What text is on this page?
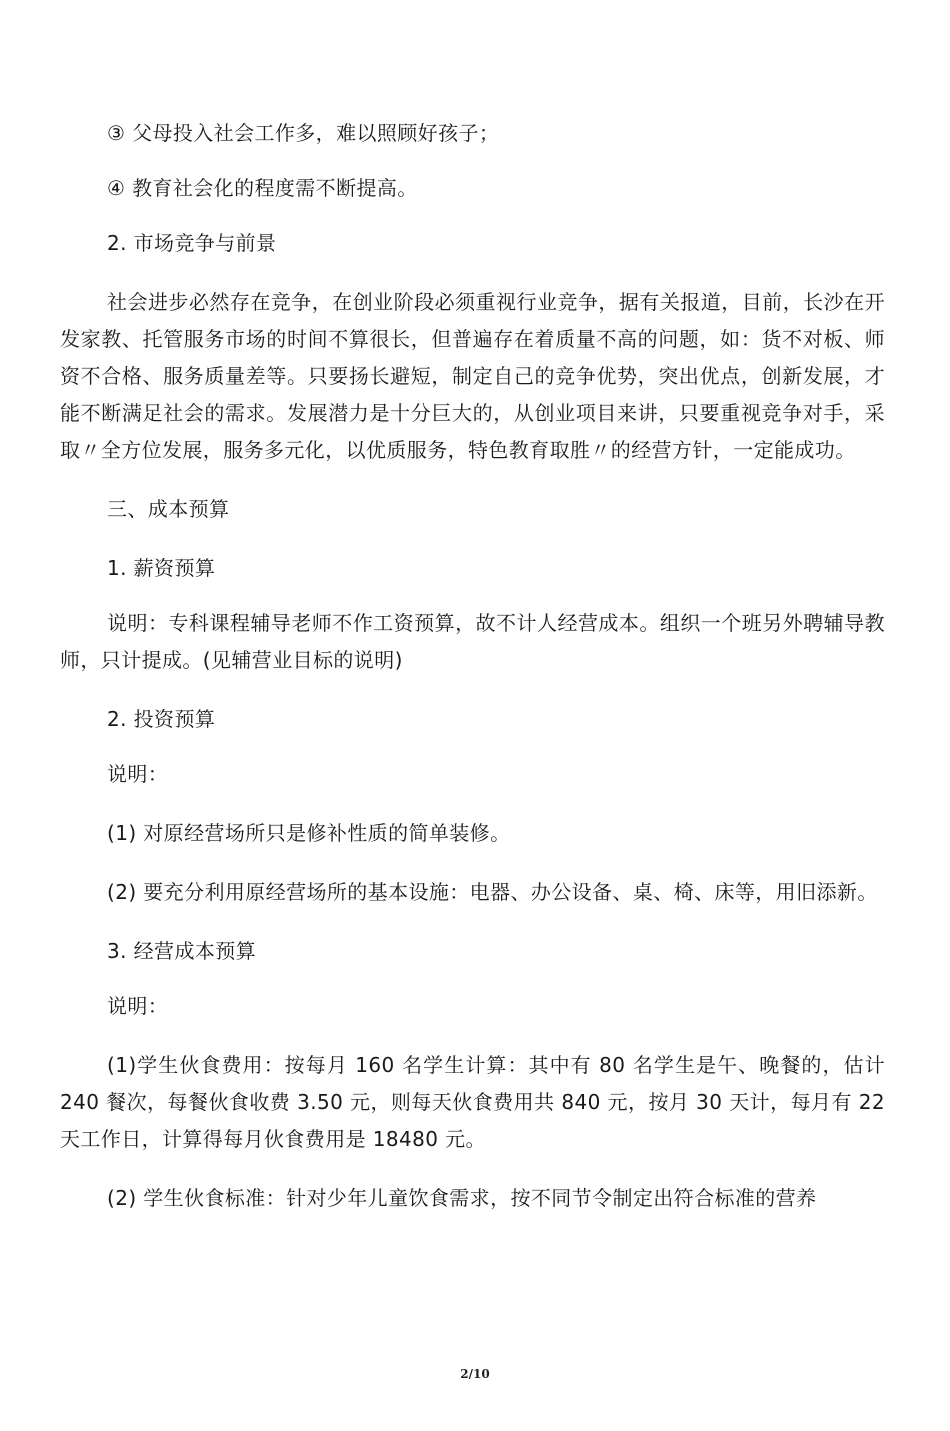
③ 父母投入社会工作多，难以照顾好孩子；

④ 教育社会化的程度需不断提高。

2. 市场竞争与前景

社会进步必然存在竞争，在创业阶段必须重视行业竞争，据有关报道，目前，长沙在开发家教、托管服务市场的时间不算很长，但普遍存在着质量不高的问题，如：货不对板、师资不合格、服务质量差等。只要扬长避短，制定自己的竞争优势，突出优点，创新发展，才能不断满足社会的需求。发展潜力是十分巨大的，从创业项目来讲，只要重视竞争对手，采取〃全方位发展，服务多元化，以优质服务，特色教育取胜〃的经营方针，一定能成功。

三、成本预算

1. 薪资预算

说明：专科课程辅导老师不作工资预算，故不计人经营成本。组织一个班另外聘辅导教师，只计提成。(见辅营业目标的说明)

2. 投资预算

说明：

(1) 对原经营场所只是修补性质的简单装修。

(2) 要充分利用原经营场所的基本设施：电器、办公设备、桌、椅、床等，用旧添新。

3. 经营成本预算

说明：

(1)学生伙食费用：按每月 160 名学生计算：其中有 80 名学生是午、晚餐的，估计 240 餐次，每餐伙食收费 3.50 元，则每天伙食费用共 840 元，按月 30 天计，每月有 22 天工作日，计算得每月伙食费用是 18480 元。

(2) 学生伙食标准：针对少年儿童饮食需求，按不同节令制定出符合标准的营养

2/10
